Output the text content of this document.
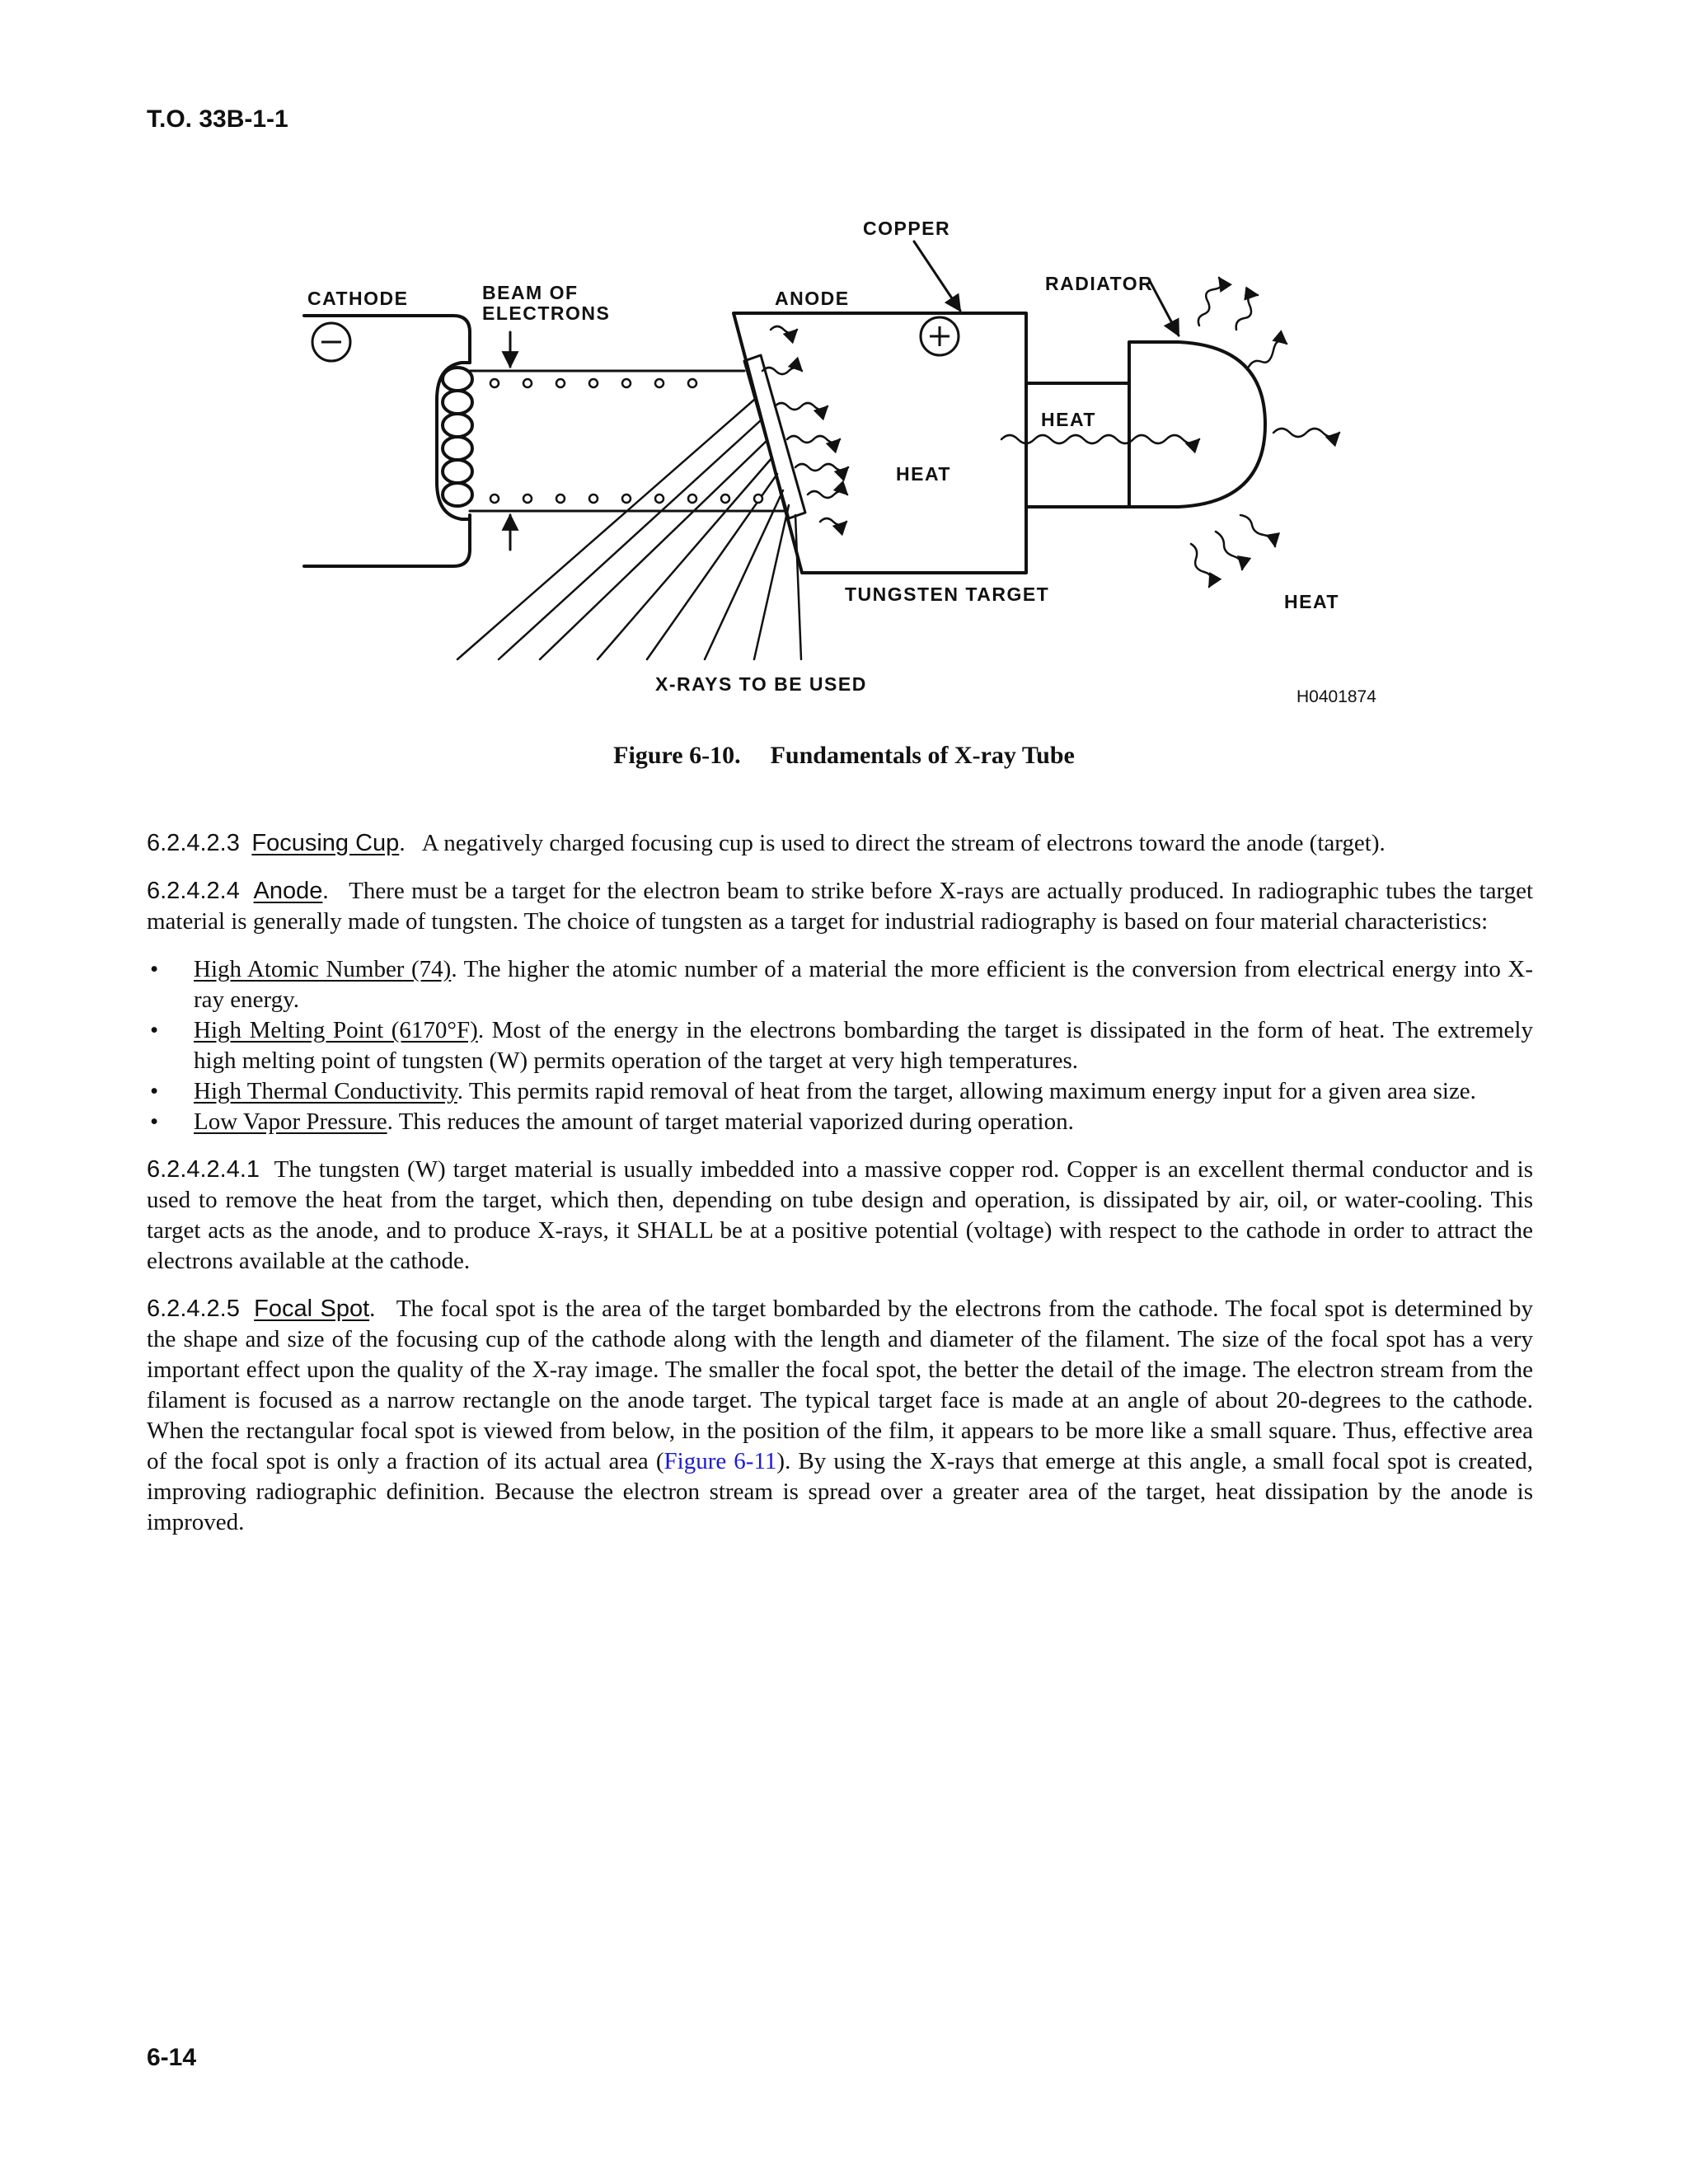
T.O. 33B-1-1
CATHODE	BEAM OF
ELECTRONS
ANODE
COPPER
RADIATOR
HEAT
HEAT
HEAT
TUNGSTEN TARGET
X-RAYS TO BE USED
H0401874
Figure 6-10. Fundamentals of X-ray Tube

6.2.4.2.3 Focusing Cup.   A negatively charged focusing cup is used to direct the stream of electrons toward the anode (target).

6.2.4.2.4 Anode.   There must be a target for the electron beam to strike before X-rays are actually produced. In radiographic tubes the target material is generally made of tungsten. The choice of tungsten as a target for industrial radiography is based on four material characteristics:

• High Atomic Number (74). The higher the atomic number of a material the more efficient is the conversion from electrical energy into X-ray energy.
• High Melting Point (6170°F). Most of the energy in the electrons bombarding the target is dissipated in the form of heat. The extremely high melting point of tungsten (W) permits operation of the target at very high temperatures.
• High Thermal Conductivity. This permits rapid removal of heat from the target, allowing maximum energy input for a given area size.
• Low Vapor Pressure. This reduces the amount of target material vaporized during operation.

6.2.4.2.4.1 The tungsten (W) target material is usually imbedded into a massive copper rod. Copper is an excellent thermal conductor and is used to remove the heat from the target, which then, depending on tube design and operation, is dissipated by air, oil, or water-cooling. This target acts as the anode, and to produce X-rays, it SHALL be at a positive potential (voltage) with respect to the cathode in order to attract the electrons available at the cathode.

6.2.4.2.5 Focal Spot.   The focal spot is the area of the target bombarded by the electrons from the cathode. The focal spot is determined by the shape and size of the focusing cup of the cathode along with the length and diameter of the filament. The size of the focal spot has a very important effect upon the quality of the X-ray image. The smaller the focal spot, the better the detail of the image. The electron stream from the filament is focused as a narrow rectangle on the anode target. The typical target face is made at an angle of about 20-degrees to the cathode. When the rectangular focal spot is viewed from below, in the position of the film, it appears to be more like a small square. Thus, effective area of the focal spot is only a fraction of its actual area (Figure 6-11). By using the X-rays that emerge at this angle, a small focal spot is created, improving radiographic definition. Because the electron stream is spread over a greater area of the target, heat dissipation by the anode is improved.

6-14
